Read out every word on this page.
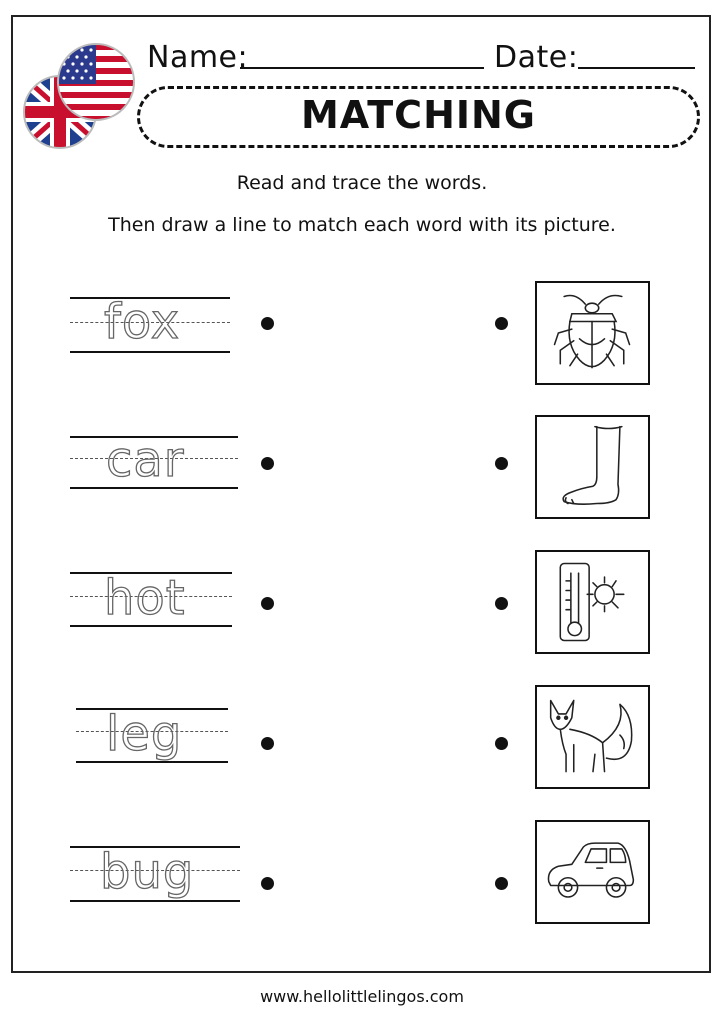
Name:	Date:
MATCHING
Read and trace the words.
Then draw a line to match each word with its picture.
fox
car
hot
leg
bug
www.hellolittlelingos.com
